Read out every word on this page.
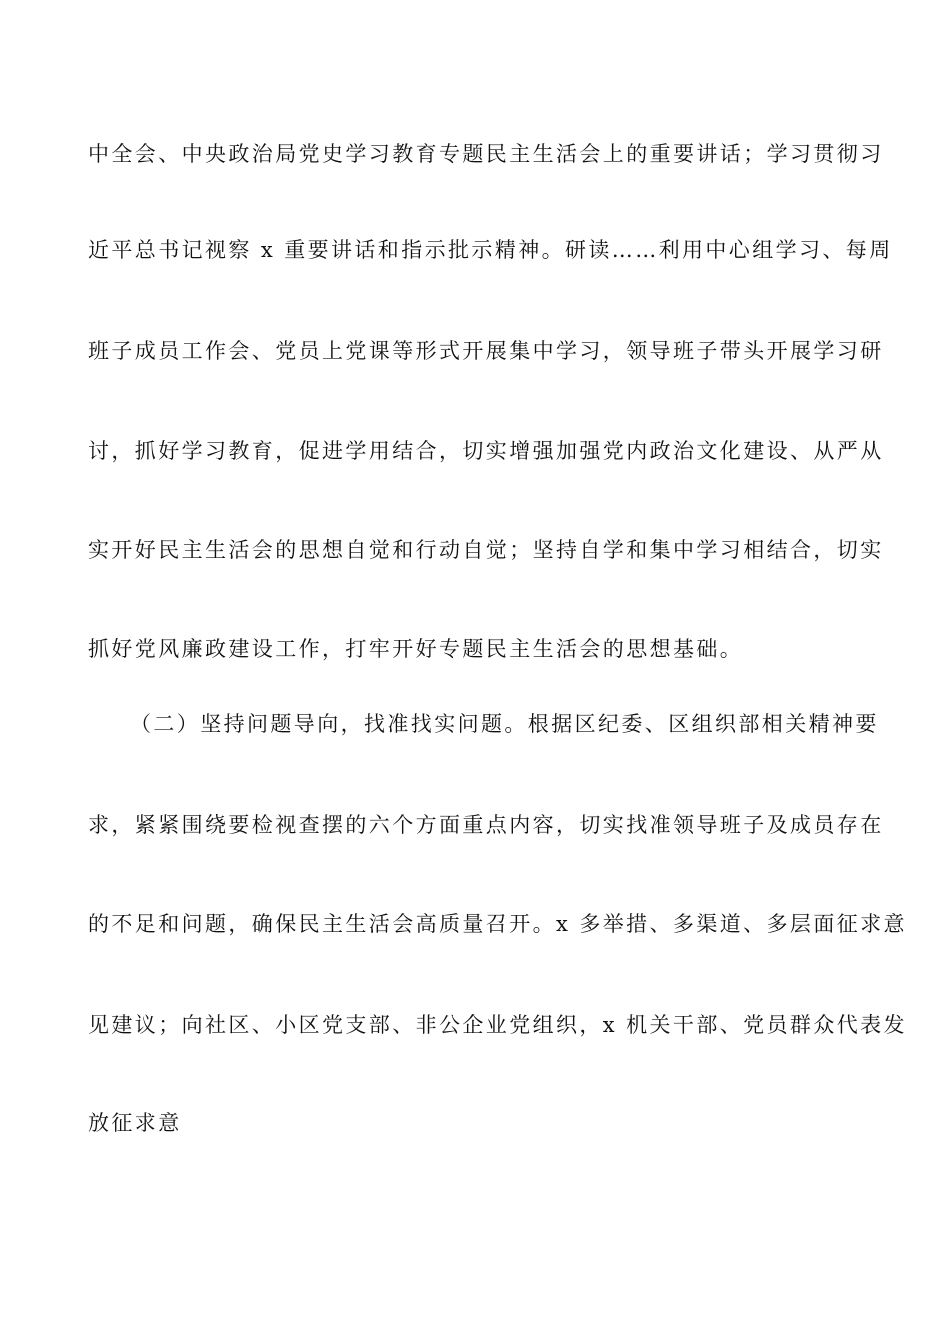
中全会、中央政治局党史学习教育专题民主生活会上的重要讲话；学习贯彻习
近平总书记视察 x 重要讲话和指示批示精神。研读……利用中心组学习、每周
班子成员工作会、党员上党课等形式开展集中学习，领导班子带头开展学习研
讨，抓好学习教育，促进学用结合，切实增强加强党内政治文化建设、从严从
实开好民主生活会的思想自觉和行动自觉；坚持自学和集中学习相结合，切实
抓好党风廉政建设工作，打牢开好专题民主生活会的思想基础。
（二）坚持问题导向，找准找实问题。根据区纪委、区组织部相关精神要
求，紧紧围绕要检视查摆的六个方面重点内容，切实找准领导班子及成员存在
的不足和问题，确保民主生活会高质量召开。x 多举措、多渠道、多层面征求意
见建议；向社区、小区党支部、非公企业党组织，x 机关干部、党员群众代表发
放征求意
